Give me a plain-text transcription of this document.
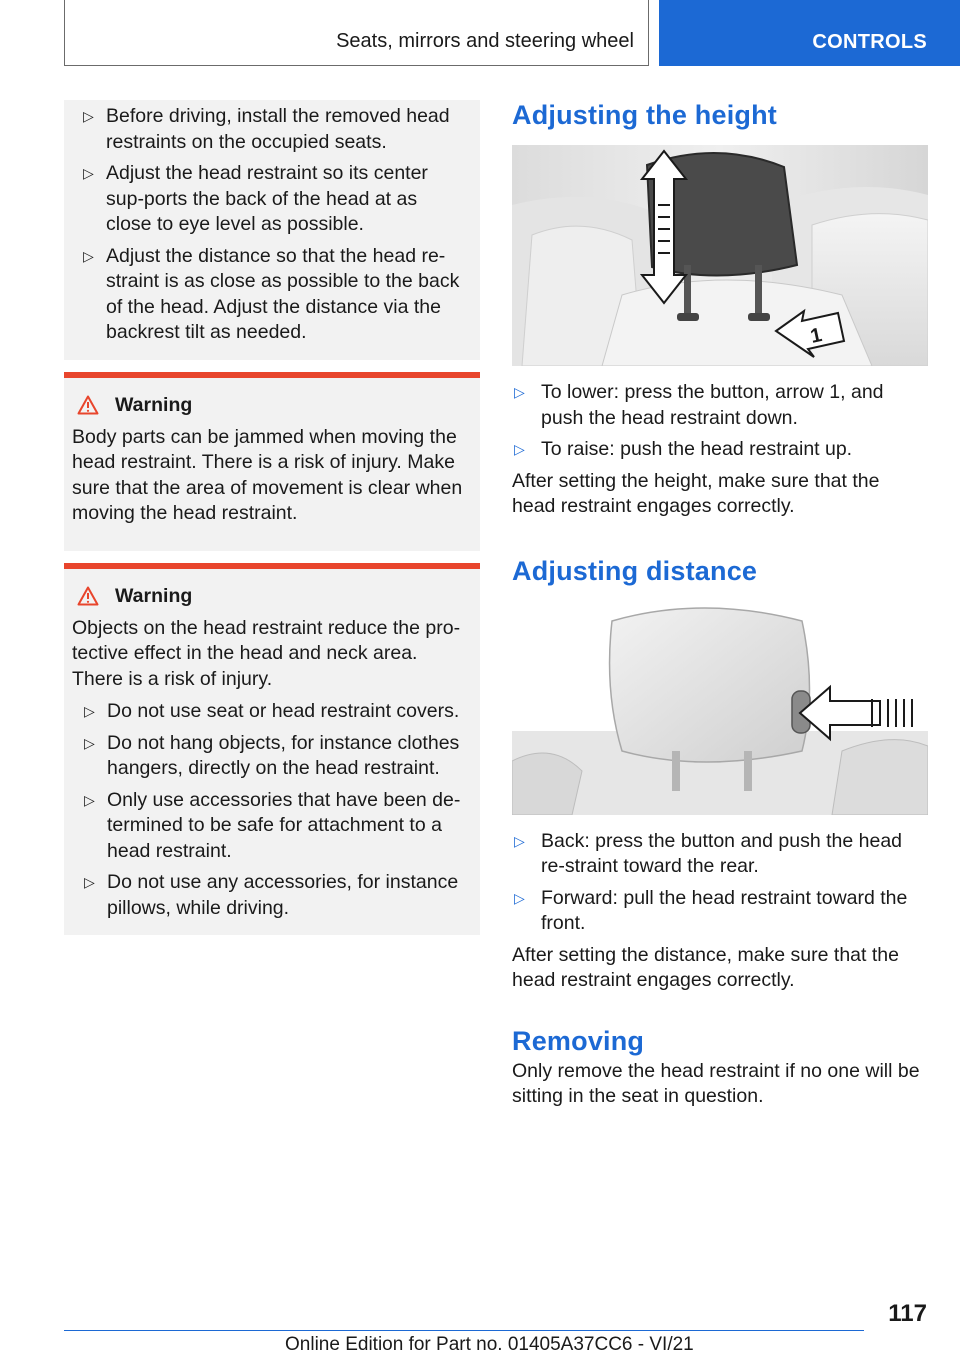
Seats, mirrors and steering wheel	CONTROLS
▷ Before driving, install the removed head restraints on the occupied seats.
▷ Adjust the head restraint so its center sup-ports the back of the head at as close to eye level as possible.
▷ Adjust the distance so that the head re-straint is as close as possible to the back of the head. Adjust the distance via the backrest tilt as needed.
Warning

Body parts can be jammed when moving the head restraint. There is a risk of injury. Make sure that the area of movement is clear when moving the head restraint.

Warning

Objects on the head restraint reduce the pro-tective effect in the head and neck area. There is a risk of injury.

▷ Do not use seat or head restraint covers.
▷ Do not hang objects, for instance clothes hangers, directly on the head restraint.
▷ Only use accessories that have been de-termined to be safe for attachment to a head restraint.
▷ Do not use any accessories, for instance pillows, while driving.
Adjusting the height
1
▷ To lower: press the button, arrow 1, and push the head restraint down.
▷ To raise: push the head restraint up.

After setting the height, make sure that the head restraint engages correctly.

Adjusting distance
▷ Back: press the button and push the head re-straint toward the rear.
▷ Forward: pull the head restraint toward the front.

After setting the distance, make sure that the head restraint engages correctly.

Removing

Only remove the head restraint if no one will be sitting in the seat in question.

117
Online Edition for Part no. 01405A37CC6 - VI/21
